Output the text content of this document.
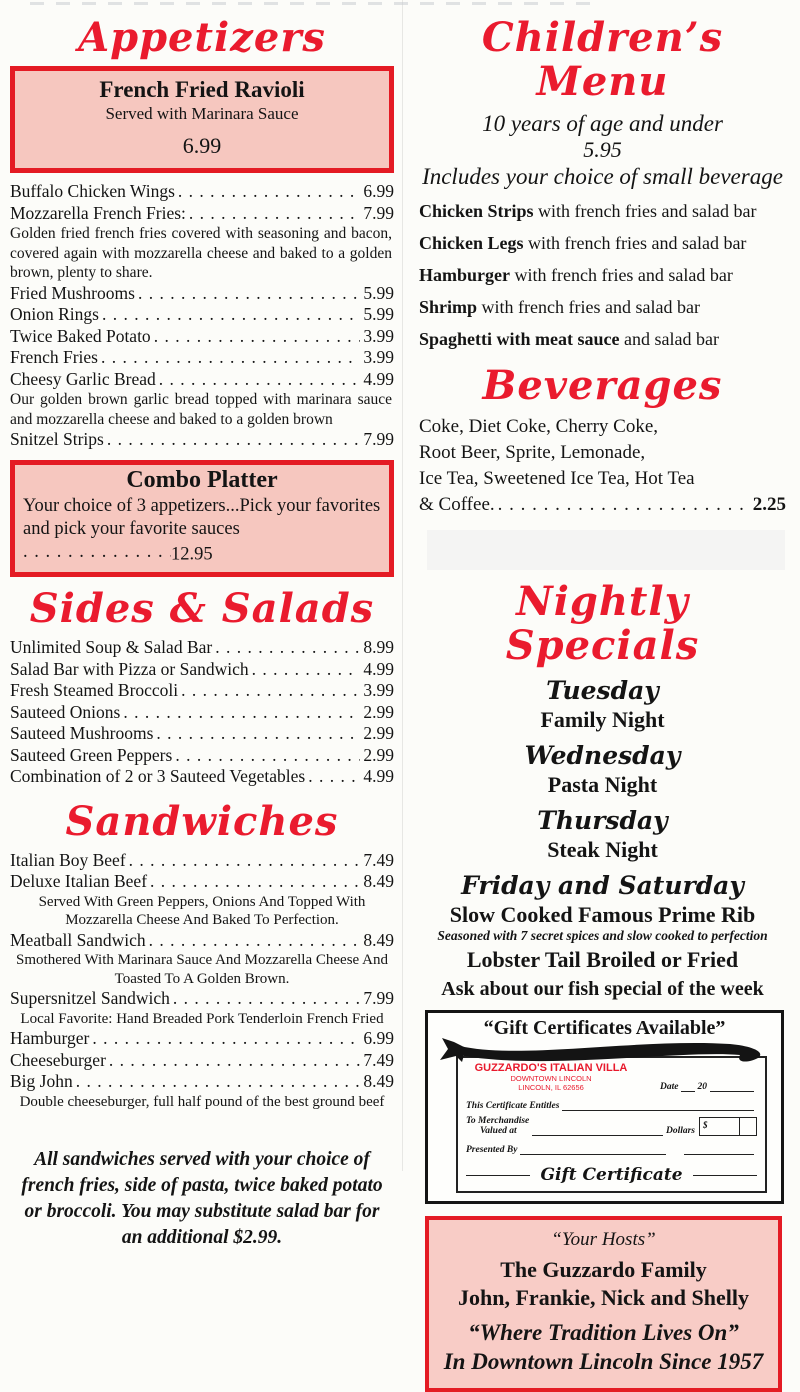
Appetizers
French Fried Ravioli
Served with Marinara Sauce
6.99
Buffalo Chicken Wings . . .	6.99
Mozzarella French Fries: . . .	7.99
Golden fried french fries covered with seasoning and bacon, covered again with mozzarella cheese and baked to a golden brown, plenty to share.
Fried Mushrooms . . .	5.99
Onion Rings . . .	5.99
Twice Baked Potato . . .	3.99
French Fries . . .	3.99
Cheesy Garlic Bread . . .	4.99
Our golden brown garlic bread topped with marinara sauce and mozzarella cheese and baked to a golden brown
Snitzel Strips . . .	7.99
Combo Platter
Your choice of 3 appetizers...Pick your favorites and pick your favorite sauces. . .12.95
Sides & Salads
Unlimited Soup & Salad Bar . . .	8.99
Salad Bar with Pizza or Sandwich . . .	4.99
Fresh Steamed Broccoli . . .	3.99
Sauteed Onions . . .	2.99
Sauteed Mushrooms . . .	2.99
Sauteed Green Peppers . . .	2.99
Combination of 2 or 3 Sauteed Vegetables . . .	4.99
Sandwiches
Italian Boy Beef . . .	7.49
Deluxe Italian Beef . . .	8.49
Served With Green Peppers, Onions And Topped With Mozzarella Cheese And Baked To Perfection.
Meatball Sandwich . . .	8.49
Smothered With Marinara Sauce And Mozzarella Cheese And Toasted To A Golden Brown.
Supersnitzel Sandwich . . .	7.99
Local Favorite: Hand Breaded Pork Tenderloin French Fried
Hamburger . . .	6.99
Cheeseburger . . .	7.49
Big John . . .	8.49
Double cheeseburger, full half pound of the best ground beef
All sandwiches served with your choice of french fries, side of pasta, twice baked potato or broccoli. You may substitute salad bar for an additional $2.99.
Children’s Menu
10 years of age and under
5.95
Includes your choice of small beverage
Chicken Strips with french fries and salad bar
Chicken Legs with french fries and salad bar
Hamburger with french fries and salad bar
Shrimp with french fries and salad bar
Spaghetti with meat sauce and salad bar
Beverages
Coke, Diet Coke, Cherry Coke,
Root Beer, Sprite, Lemonade,
Ice Tea, Sweetened Ice Tea, Hot Tea
& Coffee. . . .	2.25
Nightly Specials
Tuesday
Family Night
Wednesday
Pasta Night
Thursday
Steak Night
Friday and Saturday
Slow Cooked Famous Prime Rib
Seasoned with 7 secret spices and slow cooked to perfection
Lobster Tail Broiled or Fried
Ask about our fish special of the week
“Gift Certificates Available”
GUZZARDO'S ITALIAN VILLA
DOWNTOWN LINCOLN
LINCOLN, IL 62656	Date 20
This Certificate Entitles
To Merchandise
Valued at	Dollars
$
Presented By
Gift Certificate
“Your Hosts”
The Guzzardo Family
John, Frankie, Nick and Shelly
“Where Tradition Lives On”
In Downtown Lincoln Since 1957
